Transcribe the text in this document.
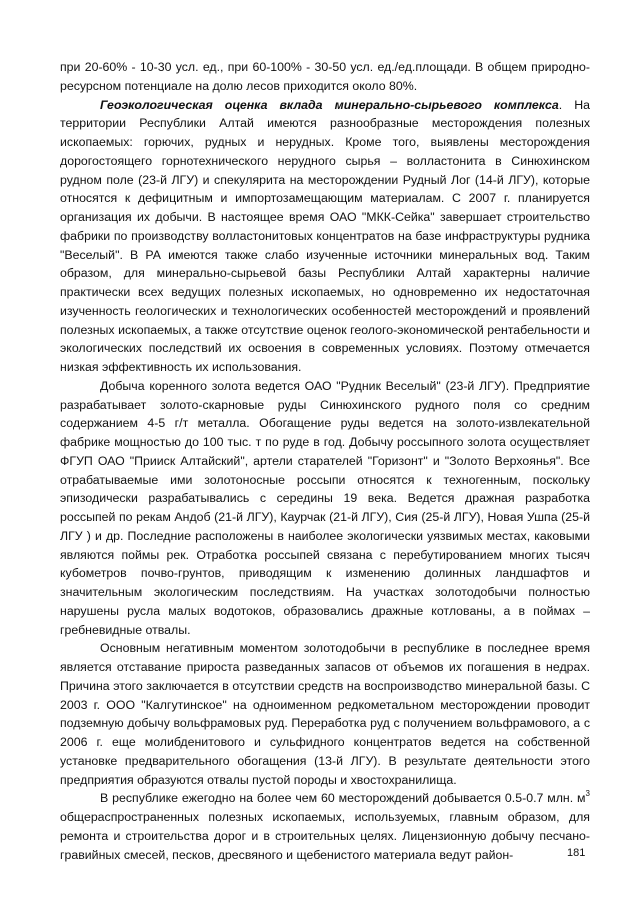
при 20-60% - 10-30 усл. ед., при 60-100% - 30-50 усл. ед./ед.площади. В общем природно-ресурсном потенциале на долю лесов приходится около 80%.

Геоэкологическая оценка вклада минерально-сырьевого комплекса. На территории Республики Алтай имеются разнообразные месторождения полезных ископаемых: горючих, рудных и нерудных. Кроме того, выявлены месторождения дорогостоящего горнотехнического нерудного сырья – волластонита в Синюхинском рудном поле (23-й ЛГУ) и спекулярита на месторождении Рудный Лог (14-й ЛГУ), которые относятся к дефицитным и импортозамещающим материалам. С 2007 г. планируется организация их добычи. В настоящее время ОАО "МКК-Сейка" завершает строительство фабрики по производству волластонитовых концентратов на базе инфраструктуры рудника "Веселый". В РА имеются также слабо изученные источники минеральных вод. Таким образом, для минерально-сырьевой базы Республики Алтай характерны наличие практически всех ведущих полезных ископаемых, но одновременно их недостаточная изученность геологических и технологических особенностей месторождений и проявлений полезных ископаемых, а также отсутствие оценок геолого-экономической рентабельности и экологических последствий их освоения в современных условиях. Поэтому отмечается низкая эффективность их использования.

Добыча коренного золота ведется ОАО "Рудник Веселый" (23-й ЛГУ). Предприятие разрабатывает золото-скарновые руды Синюхинского рудного поля со средним содержанием 4-5 г/т металла. Обогащение руды ведется на золото-извлекательной фабрике мощностью до 100 тыс. т по руде в год. Добычу россыпного золота осуществляет ФГУП ОАО "Прииск Алтайский", артели старателей "Горизонт" и "Золото Верхоянья". Все отрабатываемые ими золотоносные россыпи относятся к техногенным, поскольку эпизодически разрабатывались с середины 19 века. Ведется дражная разработка россыпей по рекам Андоб (21-й ЛГУ), Каурчак (21-й ЛГУ), Сия (25-й ЛГУ), Новая Ушпа (25-й ЛГУ ) и др. Последние расположены в наиболее экологически уязвимых местах, каковыми являются поймы рек. Отработка россыпей связана с перебутированием многих тысяч кубометров почво-грунтов, приводящим к изменению долинных ландшафтов и значительным экологическим последствиям. На участках золотодобычи полностью нарушены русла малых водотоков, образовались дражные котлованы, а в поймах – гребневидные отвалы.

Основным негативным моментом золотодобычи в республике в последнее время является отставание прироста разведанных запасов от объемов их погашения в недрах. Причина этого заключается в отсутствии средств на воспроизводство минеральной базы. С 2003 г. ООО "Калгутинское" на одноименном редкометальном месторождении проводит подземную добычу вольфрамовых руд. Переработка руд с получением вольфрамового, а с 2006 г. еще молибденитового и сульфидного концентратов ведется на собственной установке предварительного обогащения (13-й ЛГУ). В результате деятельности этого предприятия образуются отвалы пустой породы и хвостохранилища.

В республике ежегодно на более чем 60 месторождений добывается 0.5-0.7 млн. $м^3$ общераспространенных полезных ископаемых, используемых, главным образом, для ремонта и строительства дорог и в строительных целях. Лицензионную добычу песчано-гравийных смесей, песков, дресвяного и щебенистого материала ведут район-	181
